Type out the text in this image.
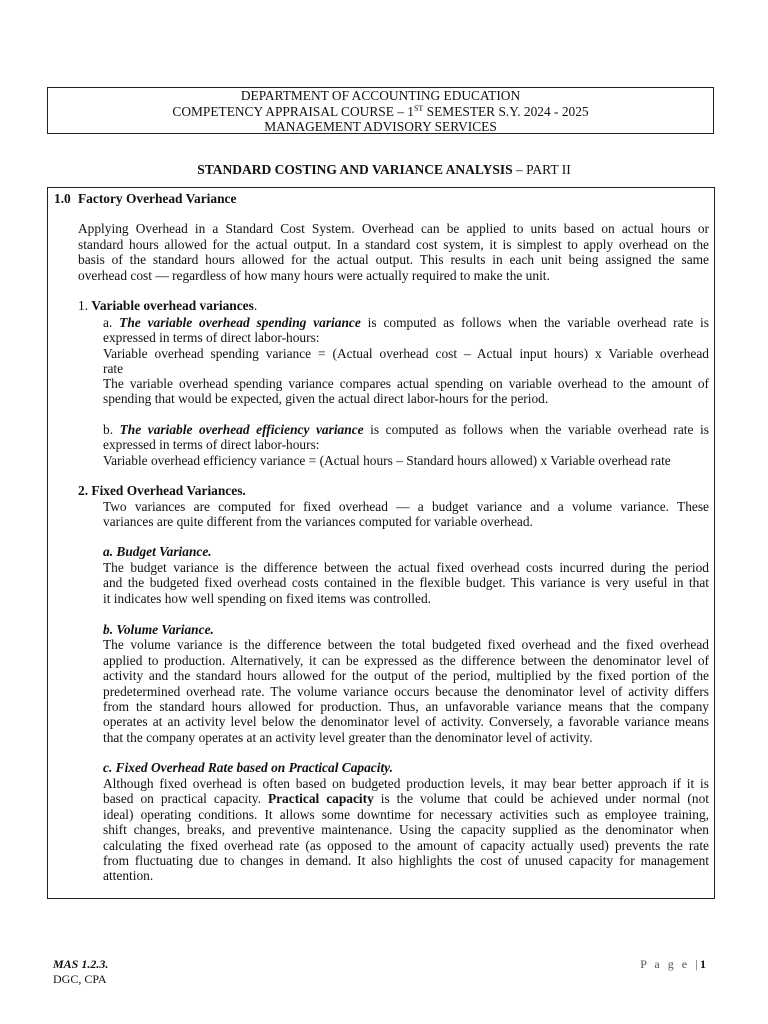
DEPARTMENT OF ACCOUNTING EDUCATION
COMPETENCY APPRAISAL COURSE – 1ST SEMESTER S.Y. 2024 - 2025
MANAGEMENT ADVISORY SERVICES
STANDARD COSTING AND VARIANCE ANALYSIS – PART II
1.0 Factory Overhead Variance
Applying Overhead in a Standard Cost System. Overhead can be applied to units based on actual hours or
standard hours allowed for the actual output. In a standard cost system, it is simplest to apply overhead on the
basis of the standard hours allowed for the actual output. This results in each unit being assigned the same
overhead cost — regardless of how many hours were actually required to make the unit.
1. Variable overhead variances.
a. The variable overhead spending variance is computed as follows when the variable overhead rate is
expressed in terms of direct labor-hours:
Variable overhead spending variance = (Actual overhead cost – Actual input hours) x Variable overhead
rate
The variable overhead spending variance compares actual spending on variable overhead to the amount of
spending that would be expected, given the actual direct labor-hours for the period.
b. The variable overhead efficiency variance is computed as follows when the variable overhead rate is
expressed in terms of direct labor-hours:
Variable overhead efficiency variance = (Actual hours – Standard hours allowed) x Variable overhead rate
2. Fixed Overhead Variances.
Two variances are computed for fixed overhead — a budget variance and a volume variance. These
variances are quite different from the variances computed for variable overhead.
a. Budget Variance.
The budget variance is the difference between the actual fixed overhead costs incurred during the period
and the budgeted fixed overhead costs contained in the flexible budget. This variance is very useful in that
it indicates how well spending on fixed items was controlled.
b. Volume Variance.
The volume variance is the difference between the total budgeted fixed overhead and the fixed overhead
applied to production. Alternatively, it can be expressed as the difference between the denominator level of
activity and the standard hours allowed for the output of the period, multiplied by the fixed portion of the
predetermined overhead rate. The volume variance occurs because the denominator level of activity differs
from the standard hours allowed for production. Thus, an unfavorable variance means that the company
operates at an activity level below the denominator level of activity. Conversely, a favorable variance means
that the company operates at an activity level greater than the denominator level of activity.
c. Fixed Overhead Rate based on Practical Capacity.
Although fixed overhead is often based on budgeted production levels, it may bear better approach if it is
based on practical capacity. Practical capacity is the volume that could be achieved under normal (not
ideal) operating conditions. It allows some downtime for necessary activities such as employee training,
shift changes, breaks, and preventive maintenance. Using the capacity supplied as the denominator when
calculating the fixed overhead rate (as opposed to the amount of capacity actually used) prevents the rate
from fluctuating due to changes in demand. It also highlights the cost of unused capacity for management
attention.
MAS 1.2.3.
DGC, CPA
P a g e |1
